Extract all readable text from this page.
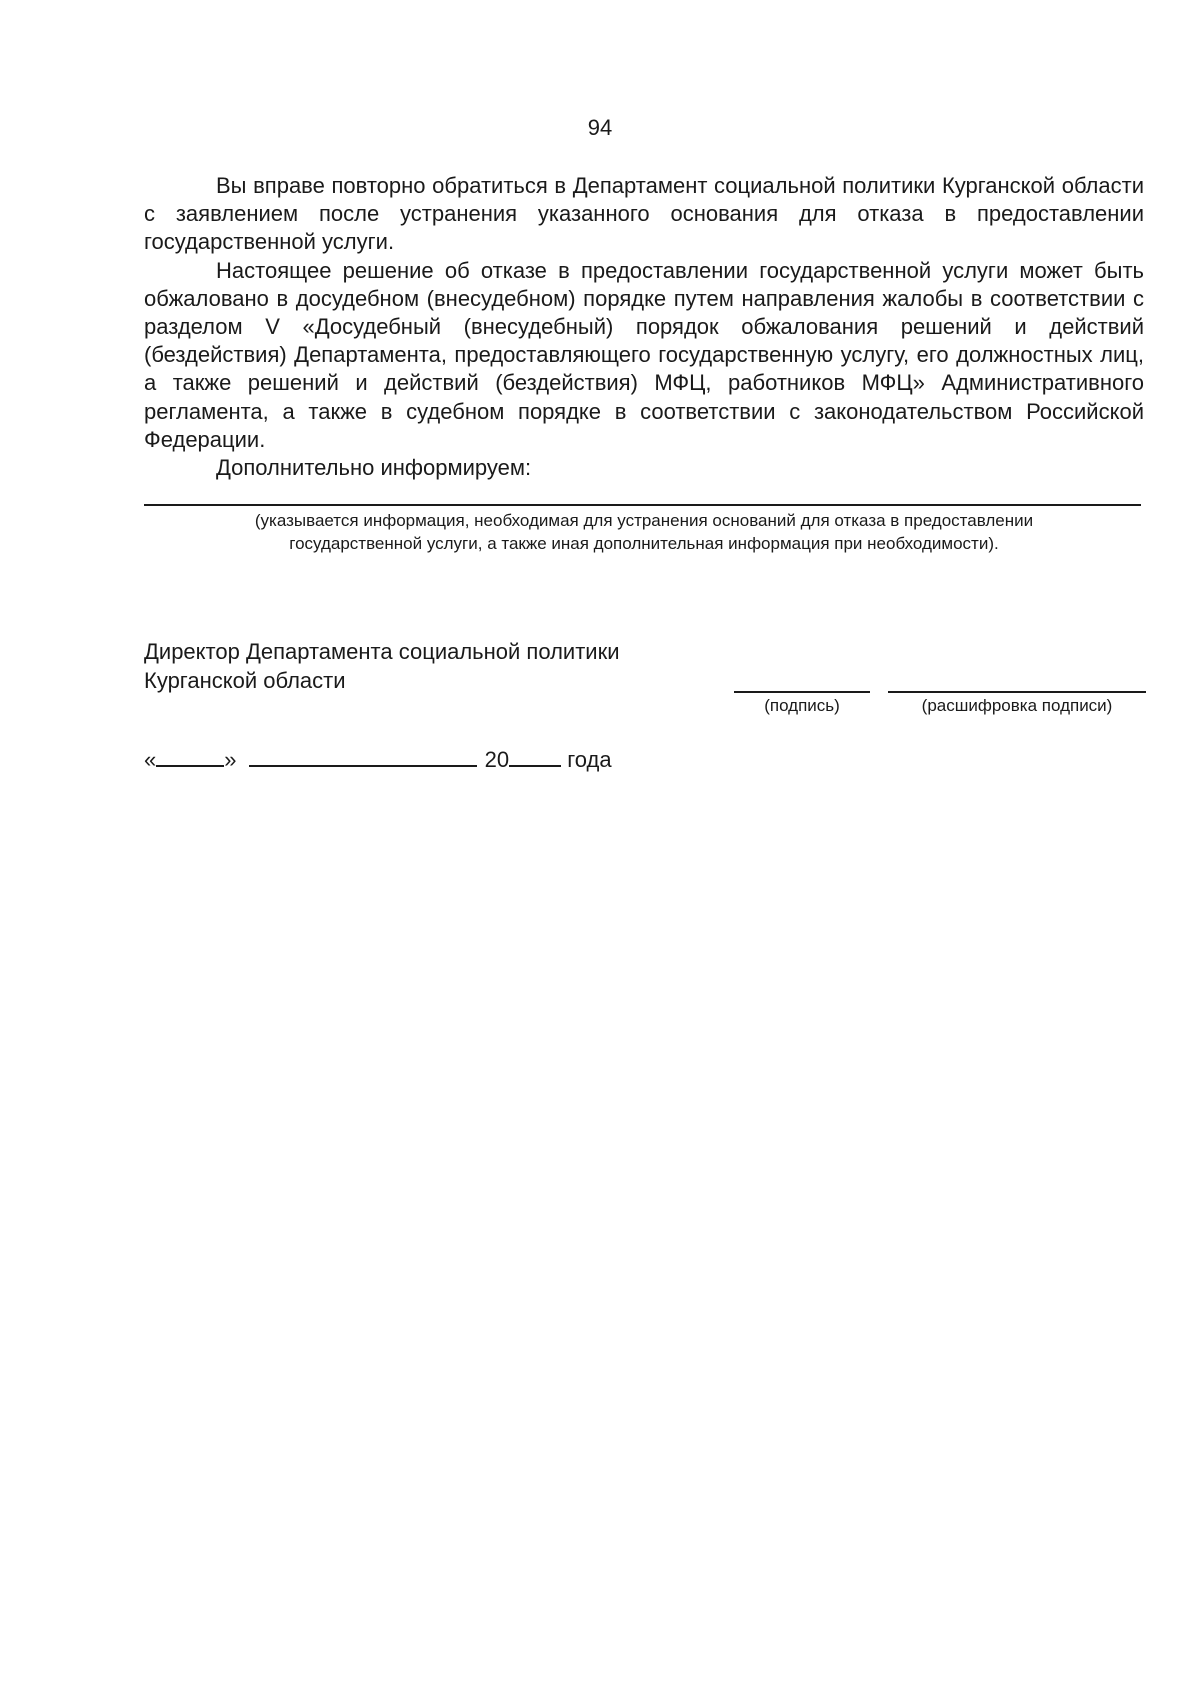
94

Вы вправе повторно обратиться в Департамент социальной политики Курганской области с заявлением после устранения указанного основания для отказа в предоставлении государственной услуги.

Настоящее решение об отказе в предоставлении государственной услуги может быть обжаловано в досудебном (внесудебном) порядке путем направления жалобы в соответствии с разделом V «Досудебный (внесудебный) порядок обжалования решений и действий (бездействия) Департамента, предоставляющего государственную услугу, его должностных лиц, а также решений и действий (бездействия) МФЦ, работников МФЦ» Административного регламента, а также в судебном порядке в соответствии с законодательством Российской Федерации.

Дополнительно информируем:

(указывается информация, необходимая для устранения оснований для отказа в предоставлении
государственной услуги, а также иная дополнительная информация при необходимости).
Директор Департамента социальной политики
Курганской области
(подпись)	(расшифровка подписи)
«	»	20	года
